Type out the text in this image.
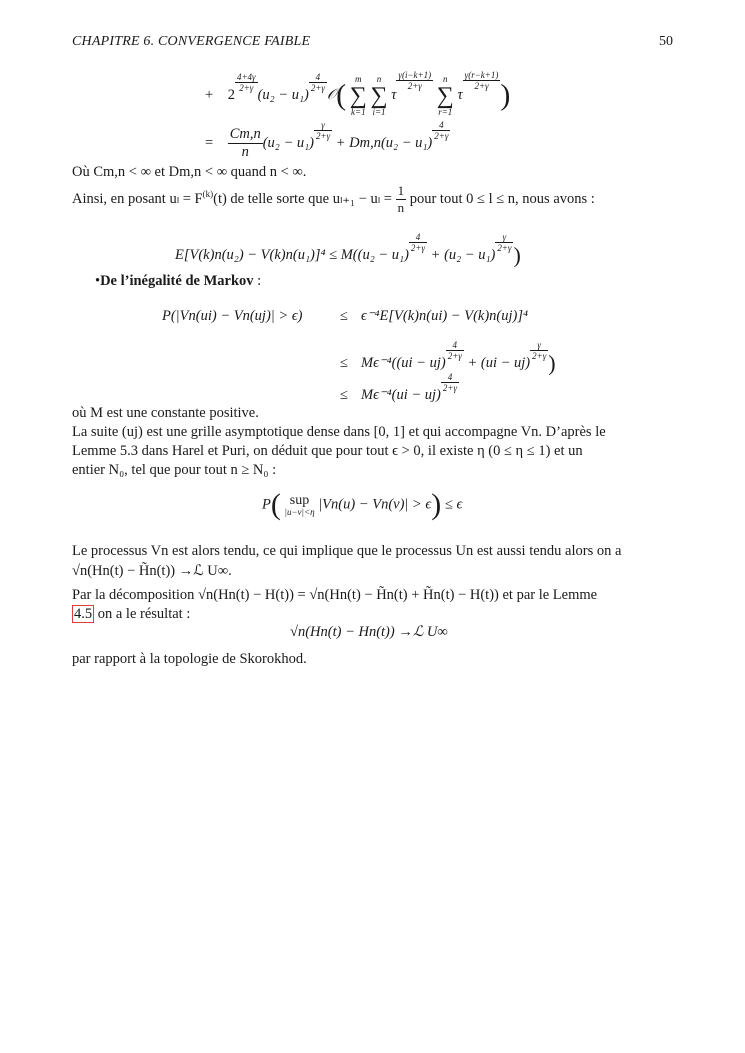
CHAPITRE 6. CONVERGENCE FAIBLE	50
+ 2
$\frac{4+4\gamma}{2+\gamma}$
(u₂ − u₁)
$\frac{4}{2+\gamma}$
𝒪( m
∑
k=1

n
∑
i=1
τ
$\frac{\gamma(i-k+1)}{2+\gamma}$
	n
∑
r=1
τ
$\frac{\gamma(r-k+1)}{2+\gamma}$ )
= $\frac{Cm,n}{n} (u_2 - u_1)$
$\frac{\gamma}{2+\gamma}$
+ Dm,n(u₂ − u₁)
$\frac{4}{2+\gamma}$
Où Cm,n < ∞ et Dm,n < ∞ quand n < ∞.
Ainsi, en posant $u_l = F^{(k)}(t)$ de telle sorte que $u_{l+1} - u_l = \frac{1}{n}$ pour tout 0 ≤ l ≤ n, nous avons :
E[V(k)n(u₂) − V(k)n(u₁)]⁴ ≤ M((u₂ − u₁)
$\frac{4}{2+\gamma}$
+ (u₂ − u₁)
$\frac{\gamma}{2+\gamma}$
)
•De l’inégalité de Markov :
P(|Vn(ui) − Vn(uj)| > ϵ)	≤ ϵ⁻⁴E[V(k)n(ui) − V(k)n(uj)]⁴
≤ Mϵ⁻⁴((ui − uj)
$\frac{4}{2+\gamma}$
+ (ui − uj)
$\frac{\gamma}{2+\gamma}$
)
≤ Mϵ⁻⁴(ui − uj)
$\frac{4}{2+\gamma}$
où M est une constante positive.
La suite (uj) est une grille asymptotique dense dans [0, 1] et qui accompagne Vn. D’après le
Lemme 5.3 dans Harel et Puri, on déduit que pour tout ϵ > 0, il existe η (0 ≤ η ≤ 1) et un
entier N₀, tel que pour tout n ≥ N₀ :
P( sup
|u−v|<η |Vn(u) − Vn(v)| > ϵ) ≤ ϵ
Le processus Vn est alors tendu, ce qui implique que le processus Un est aussi tendu alors on a
√n(Hn(t) − H̃n(t)) →ℒ U∞.
Par la décomposition √n(Hn(t) − H(t)) = √n(Hn(t) − H̃n(t) + H̃n(t) − H(t)) et par le Lemme
4.5 on a le résultat :
√n(Hn(t) − Hn(t)) →ℒ U∞
par rapport à la topologie de Skorokhod.
